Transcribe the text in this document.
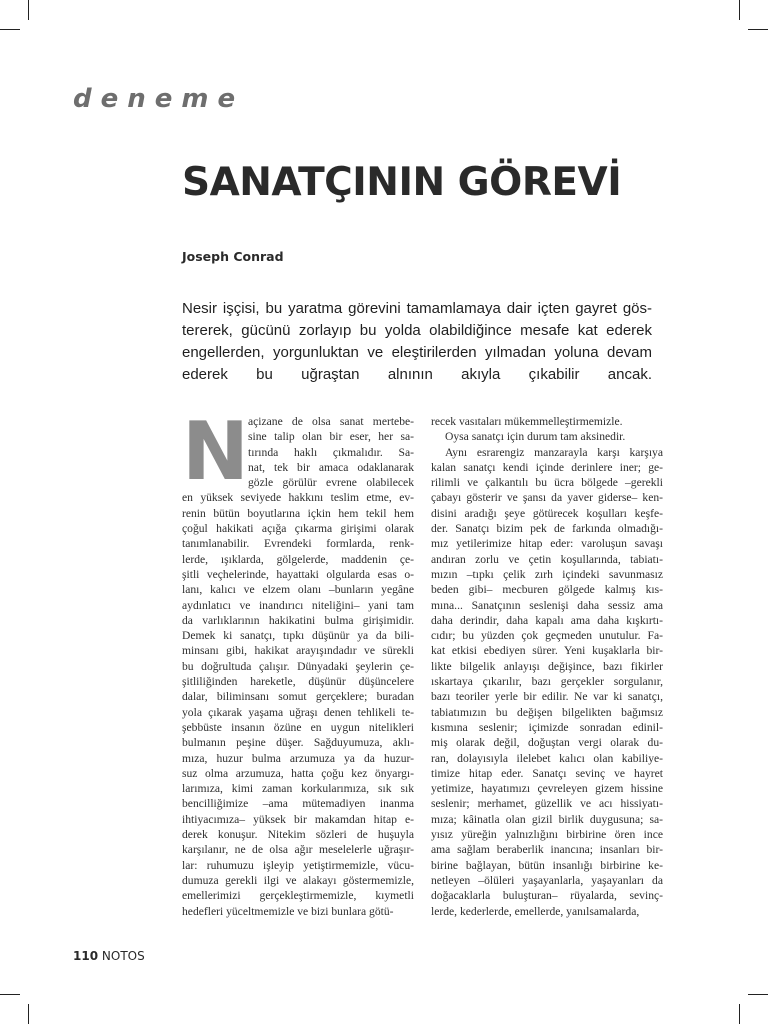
deneme
SANATÇININ GÖREVİ
Joseph Conrad
Nesir işçisi, bu yaratma görevini tamamlamaya dair içten gayret gös-
tererek, gücünü zorlayıp bu yolda olabildiğince mesafe kat ederek
engellerden, yorgunluktan ve eleştirilerden yılmadan yoluna devam
ederek bu uğraştan alnının akıyla çıkabilir ancak.
N açizane de olsa sanat mertebe-
sine talip olan bir eser, her sa-
tırında haklı çıkmalıdır. Sa-
nat, tek bir amaca odaklanarak
gözle görülür evrene olabilecek
en yüksek seviyede hakkını teslim etme, ev-
renin bütün boyutlarına içkin hem tekil hem
çoğul hakikati açığa çıkarma girişimi olarak
tanımlanabilir. Evrendeki formlarda, renk-
lerde, ışıklarda, gölgelerde, maddenin çe-
şitli veçhelerinde, hayattaki olgularda esas o-
lanı, kalıcı ve elzem olanı –bunların yegâne
aydınlatıcı ve inandırıcı niteliğini– yani tam
da varlıklarının hakikatini bulma girişimidir.
Demek ki sanatçı, tıpkı düşünür ya da bili-
minsanı gibi, hakikat arayışındadır ve sürekli
bu doğrultuda çalışır. Dünyadaki şeylerin çe-
şitliliğinden hareketle, düşünür düşüncelere
dalar, biliminsanı somut gerçeklere; buradan
yola çıkarak yaşama uğraşı denen tehlikeli te-
şebbüste insanın özüne en uygun nitelikleri
bulmanın peşine düşer. Sağduyumuza, aklı-
mıza, huzur bulma arzumuza ya da huzur-
suz olma arzumuza, hatta çoğu kez önyargı-
larımıza, kimi zaman korkularımıza, sık sık
bencilliğimize –ama mütemadiyen inanma
ihtiyacımıza– yüksek bir makamdan hitap e-
derek konuşur. Nitekim sözleri de huşuyla
karşılanır, ne de olsa ağır meselelerle uğraşır-
lar: ruhumuzu işleyip yetiştirmemizle, vücu-
dumuza gerekli ilgi ve alakayı göstermemizle,
emellerimizi gerçekleştirmemizle, kıymetli
hedefleri yüceltmemizle ve bizi bunlara götü-
recek vasıtaları mükemmelleştirmemizle.
Oysa sanatçı için durum tam aksinedir.
Aynı esrarengiz manzarayla karşı karşıya
kalan sanatçı kendi içinde derinlere iner; ge-
rilimli ve çalkantılı bu ücra bölgede –gerekli
çabayı gösterir ve şansı da yaver giderse– ken-
disini aradığı şeye götürecek koşulları keşfe-
der. Sanatçı bizim pek de farkında olmadığı-
mız yetilerimize hitap eder: varoluşun savaşı
andıran zorlu ve çetin koşullarında, tabiatı-
mızın –tıpkı çelik zırh içindeki savunmasız
beden gibi– mecburen gölgede kalmış kıs-
mına... Sanatçının seslenişi daha sessiz ama
daha derindir, daha kapalı ama daha kışkırtı-
cıdır; bu yüzden çok geçmeden unutulur. Fa-
kat etkisi ebediyen sürer. Yeni kuşaklarla bir-
likte bilgelik anlayışı değişince, bazı fikirler
ıskartaya çıkarılır, bazı gerçekler sorgulanır,
bazı teoriler yerle bir edilir. Ne var ki sanatçı,
tabiatımızın bu değişen bilgelikten bağımsız
kısmına seslenir; içimizde sonradan edinil-
miş olarak değil, doğuştan vergi olarak du-
ran, dolayısıyla ilelebet kalıcı olan kabiliye-
timize hitap eder. Sanatçı sevinç ve hayret
yetimize, hayatımızı çevreleyen gizem hissine
seslenir; merhamet, güzellik ve acı hissiyatı-
mıza; kâinatla olan gizil birlik duygusuna; sa-
yısız yüreğin yalnızlığını birbirine ören ince
ama sağlam beraberlik inancına; insanları bir-
birine bağlayan, bütün insanlığı birbirine ke-
netleyen –ölüleri yaşayanlarla, yaşayanları da
doğacaklarla buluşturan– rüyalarda, sevinç-
lerde, kederlerde, emellerde, yanılsamalarda,
110 NOTOS
